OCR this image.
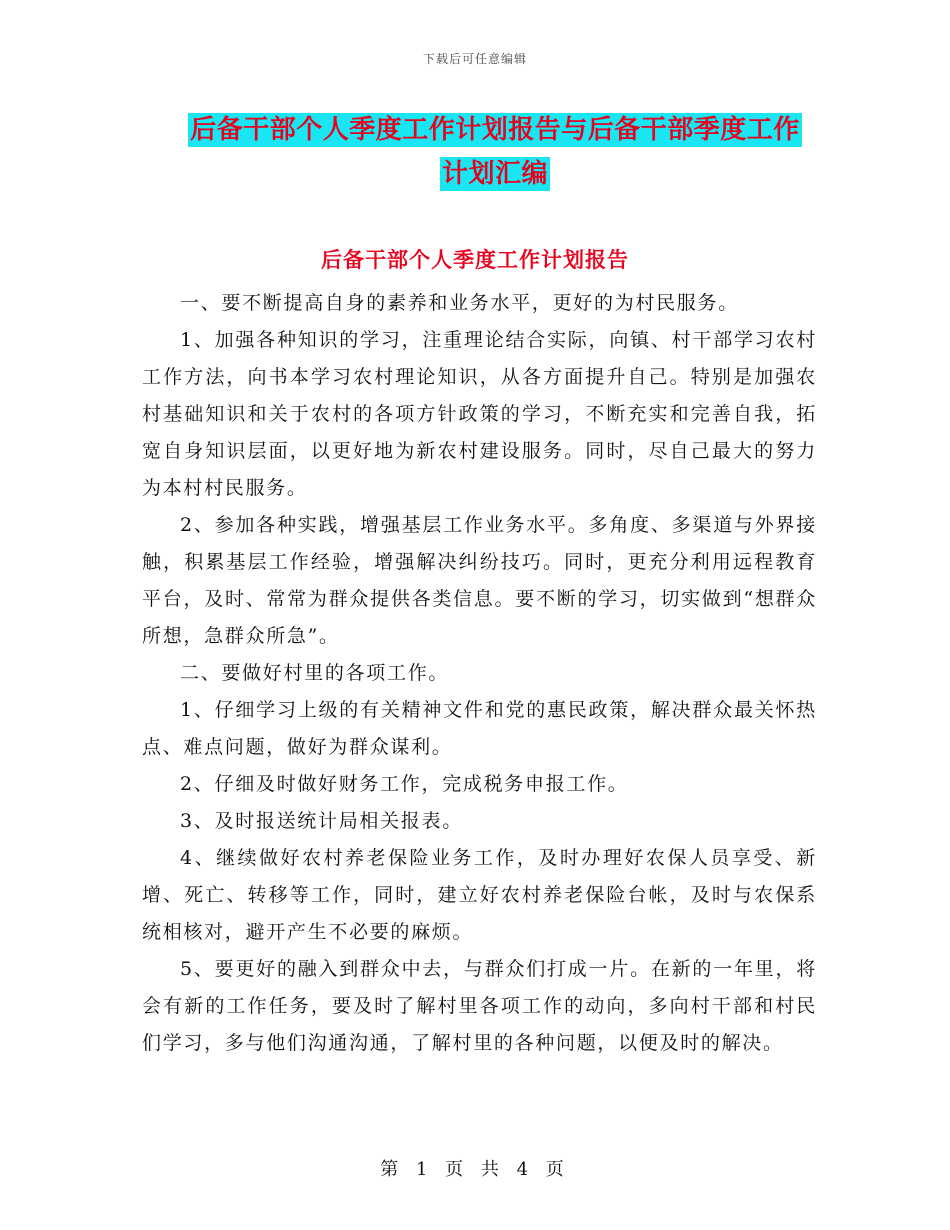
下载后可任意编辑
后备干部个人季度工作计划报告与后备干部季度工作
计划汇编
后备干部个人季度工作计划报告

一、要不断提高自身的素养和业务水平，更好的为村民服务。

1、加强各种知识的学习，注重理论结合实际，向镇、村干部学习农村工作方法，向书本学习农村理论知识，从各方面提升自己。特别是加强农村基础知识和关于农村的各项方针政策的学习，不断充实和完善自我，拓宽自身知识层面，以更好地为新农村建设服务。同时，尽自己最大的努力为本村村民服务。

2、参加各种实践，增强基层工作业务水平。多角度、多渠道与外界接触，积累基层工作经验，增强解决纠纷技巧。同时，更充分利用远程教育平台，及时、常常为群众提供各类信息。要不断的学习，切实做到“想群众所想，急群众所急”。

二、要做好村里的各项工作。

1、仔细学习上级的有关精神文件和党的惠民政策，解决群众最关怀热点、难点问题，做好为群众谋利。

2、仔细及时做好财务工作，完成税务申报工作。

3、及时报送统计局相关报表。

4、继续做好农村养老保险业务工作，及时办理好农保人员享受、新增、死亡、转移等工作，同时，建立好农村养老保险台帐，及时与农保系统相核对，避开产生不必要的麻烦。

5、要更好的融入到群众中去，与群众们打成一片。在新的一年里，将会有新的工作任务，要及时了解村里各项工作的动向，多向村干部和村民们学习，多与他们沟通沟通，了解村里的各种问题，以便及时的解决。

第 1 页 共 4 页
